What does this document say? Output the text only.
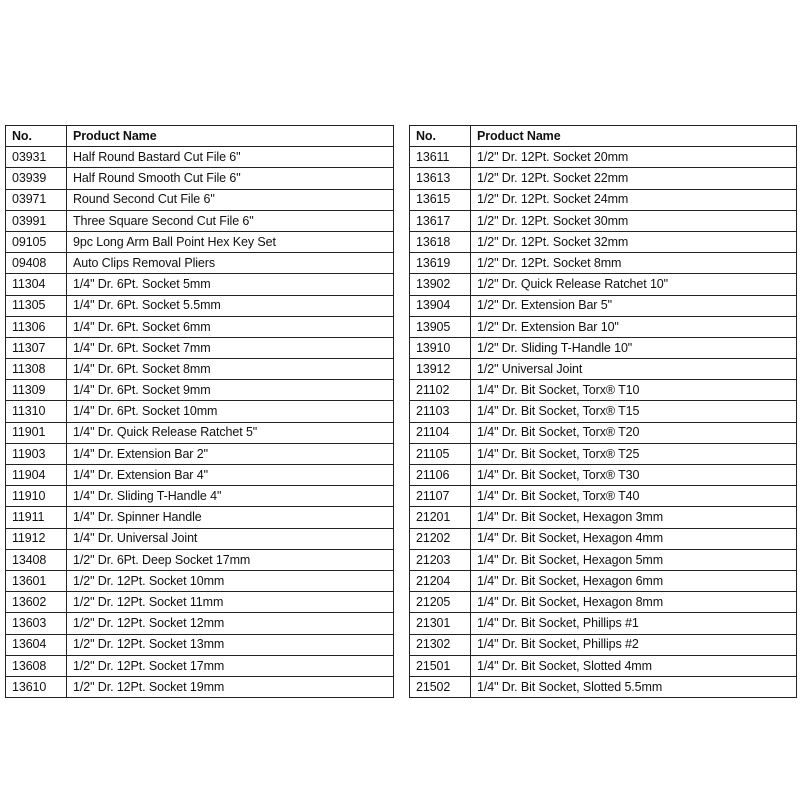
No.	Product Name
03931	Half Round Bastard Cut File 6"
03939	Half Round Smooth Cut File 6"
03971	Round Second Cut File 6"
03991	Three Square Second Cut File 6"
09105	9pc Long Arm Ball Point Hex Key Set
09408	Auto Clips Removal Pliers
11304	1/4" Dr. 6Pt. Socket 5mm
11305	1/4" Dr. 6Pt. Socket 5.5mm
11306	1/4" Dr. 6Pt. Socket 6mm
11307	1/4" Dr. 6Pt. Socket 7mm
11308	1/4" Dr. 6Pt. Socket 8mm
11309	1/4" Dr. 6Pt. Socket 9mm
11310	1/4" Dr. 6Pt. Socket 10mm
11901	1/4" Dr. Quick Release Ratchet 5"
11903	1/4" Dr. Extension Bar 2"
11904	1/4" Dr. Extension Bar 4"
11910	1/4" Dr. Sliding T-Handle 4"
11911	1/4" Dr. Spinner Handle
11912	1/4" Dr. Universal Joint
13408	1/2" Dr. 6Pt. Deep Socket 17mm
13601	1/2" Dr. 12Pt. Socket 10mm
13602	1/2" Dr. 12Pt. Socket 11mm
13603	1/2" Dr. 12Pt. Socket 12mm
13604	1/2" Dr. 12Pt. Socket 13mm
13608	1/2" Dr. 12Pt. Socket 17mm
13610	1/2" Dr. 12Pt. Socket 19mm
No.	Product Name
13611	1/2" Dr. 12Pt. Socket 20mm
13613	1/2" Dr. 12Pt. Socket 22mm
13615	1/2" Dr. 12Pt. Socket 24mm
13617	1/2" Dr. 12Pt. Socket 30mm
13618	1/2" Dr. 12Pt. Socket 32mm
13619	1/2" Dr. 12Pt. Socket 8mm
13902	1/2" Dr. Quick Release Ratchet 10"
13904	1/2" Dr. Extension Bar 5"
13905	1/2" Dr. Extension Bar 10"
13910	1/2" Dr. Sliding T-Handle 10"
13912	1/2" Universal Joint
21102	1/4" Dr. Bit Socket, Torx® T10
21103	1/4" Dr. Bit Socket, Torx® T15
21104	1/4" Dr. Bit Socket, Torx® T20
21105	1/4" Dr. Bit Socket, Torx® T25
21106	1/4" Dr. Bit Socket, Torx® T30
21107	1/4" Dr. Bit Socket, Torx® T40
21201	1/4" Dr. Bit Socket, Hexagon 3mm
21202	1/4" Dr. Bit Socket, Hexagon 4mm
21203	1/4" Dr. Bit Socket, Hexagon 5mm
21204	1/4" Dr. Bit Socket, Hexagon 6mm
21205	1/4" Dr. Bit Socket, Hexagon 8mm
21301	1/4" Dr. Bit Socket, Phillips #1
21302	1/4" Dr. Bit Socket, Phillips #2
21501	1/4" Dr. Bit Socket, Slotted 4mm
21502	1/4" Dr. Bit Socket, Slotted 5.5mm
